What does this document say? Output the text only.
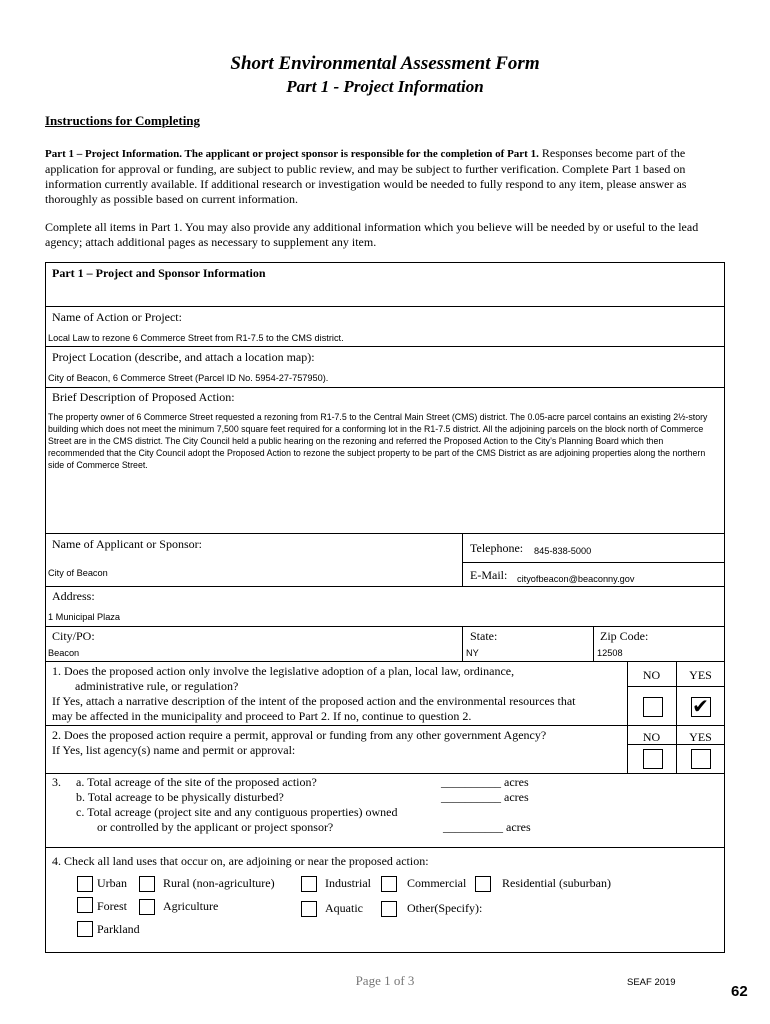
Short Environmental Assessment Form
Part 1 - Project Information
Instructions for Completing
Part 1 – Project Information. The applicant or project sponsor is responsible for the completion of Part 1. Responses become part of the application for approval or funding, are subject to public review, and may be subject to further verification. Complete Part 1 based on information currently available. If additional research or investigation would be needed to fully respond to any item, please answer as thoroughly as possible based on current information.
Complete all items in Part 1. You may also provide any additional information which you believe will be needed by or useful to the lead agency; attach additional pages as necessary to supplement any item.
Part 1 – Project and Sponsor Information
Name of Action or Project:
Local Law to rezone 6 Commerce Street from R1-7.5 to the CMS district.
Project Location (describe, and attach a location map):
City of Beacon, 6 Commerce Street (Parcel ID No. 5954-27-757950).
Brief Description of Proposed Action:
The property owner of 6 Commerce Street requested a rezoning from R1-7.5 to the Central Main Street (CMS) district. The 0.05-acre parcel contains an existing 2½-story building which does not meet the minimum 7,500 square feet required for a conforming lot in the R1-7.5 district. All the adjoining parcels on the block north of Commerce Street are in the CMS district. The City Council held a public hearing on the rezoning and referred the Proposed Action to the City’s Planning Board which then recommended that the City Council adopt the Proposed Action to rezone the subject property to be part of the CMS District as are adjoining properties along the northern side of Commerce Street.
Name of Applicant or Sponsor:
City of Beacon
Telephone: 845-838-5000
E-Mail: cityofbeacon@beaconny.gov
Address:
1 Municipal Plaza
City/PO:
Beacon
State:
NY
Zip Code:
12508
1. Does the proposed action only involve the legislative adoption of a plan, local law, ordinance,
administrative rule, or regulation?
If Yes, attach a narrative description of the intent of the proposed action and the environmental resources that
may be affected in the municipality and proceed to Part 2. If no, continue to question 2.
NO	YES
✔
2. Does the proposed action require a permit, approval or funding from any other government Agency?
If Yes, list agency(s) name and permit or approval:
NO	YES
3. a. Total acreage of the site of the proposed action?
b. Total acreage to be physically disturbed?
c. Total acreage (project site and any contiguous properties) owned
or controlled by the applicant or project sponsor?
__________ acres
__________ acres
__________ acres
4. Check all land uses that occur on, are adjoining or near the proposed action:
Urban	Rural (non-agriculture)	Industrial	Commercial	Residential (suburban)
Forest	Agriculture	Aquatic	Other(Specify):
Parkland
Page 1 of 3	SEAF 2019
62
